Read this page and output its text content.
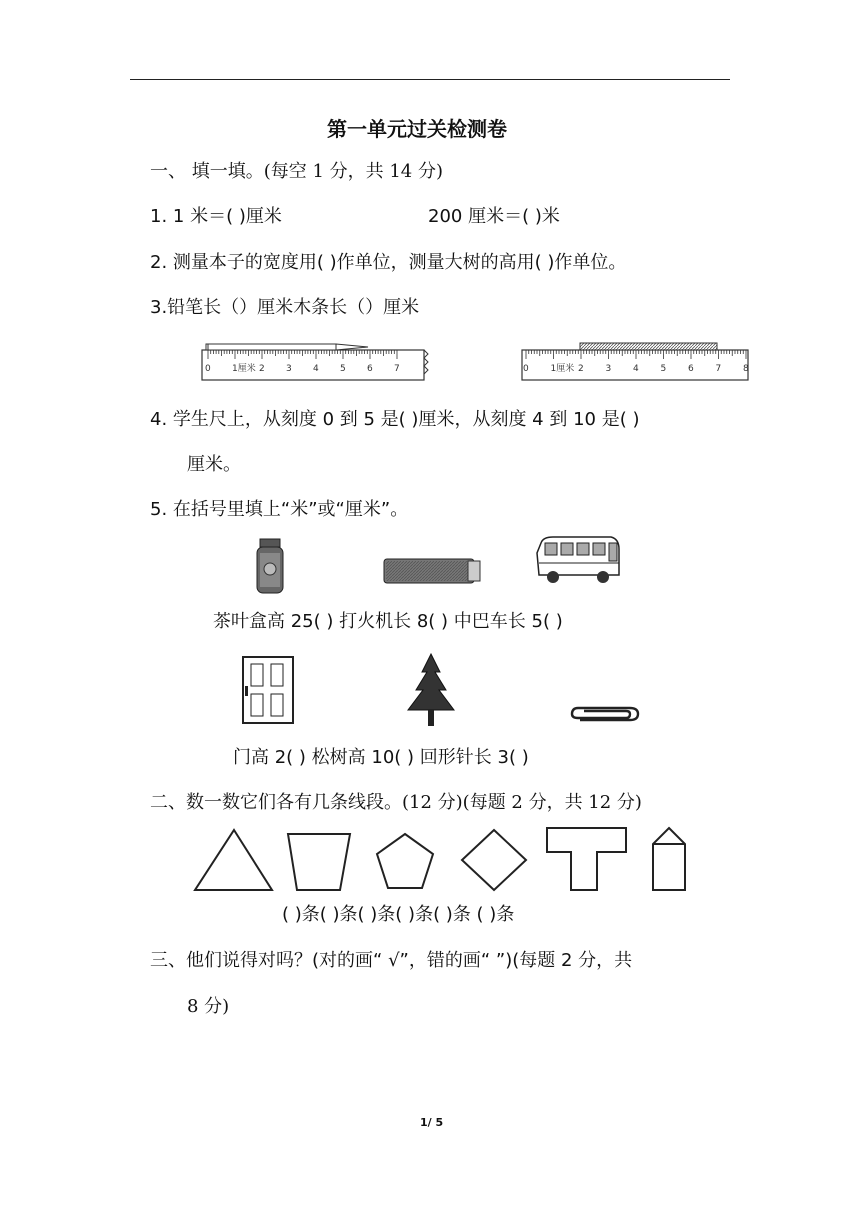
第一单元过关检测卷
一、 填一填。(每空 1 分，共 14 分)
1. 1 米＝( )厘米	200 厘米＝( )米
2. 测量本子的宽度用( )作单位，测量大树的高用( )作单位。
3.铅笔长（）厘米木条长（）厘米
0 1厘米 2 3 4 5 6 7	0 1厘米 2 3 4 5 6 7 8
4. 学生尺上，从刻度 0 到 5 是( )厘米，从刻度 4 到 10 是( )
厘米。
5. 在括号里填上“米”或“厘米”。
茶叶盒高 25( ) 打火机长 8( ) 中巴车长 5( )
门高 2( ) 松树高 10( ) 回形针长 3( )
二、数一数它们各有几条线段。(12 分)(每题 2 分，共 12 分)
( )条( )条( )条( )条( )条 ( )条
三、他们说得对吗？(对的画“ √”，错的画“ ”)(每题 2 分，共
8 分)
1/ 5
